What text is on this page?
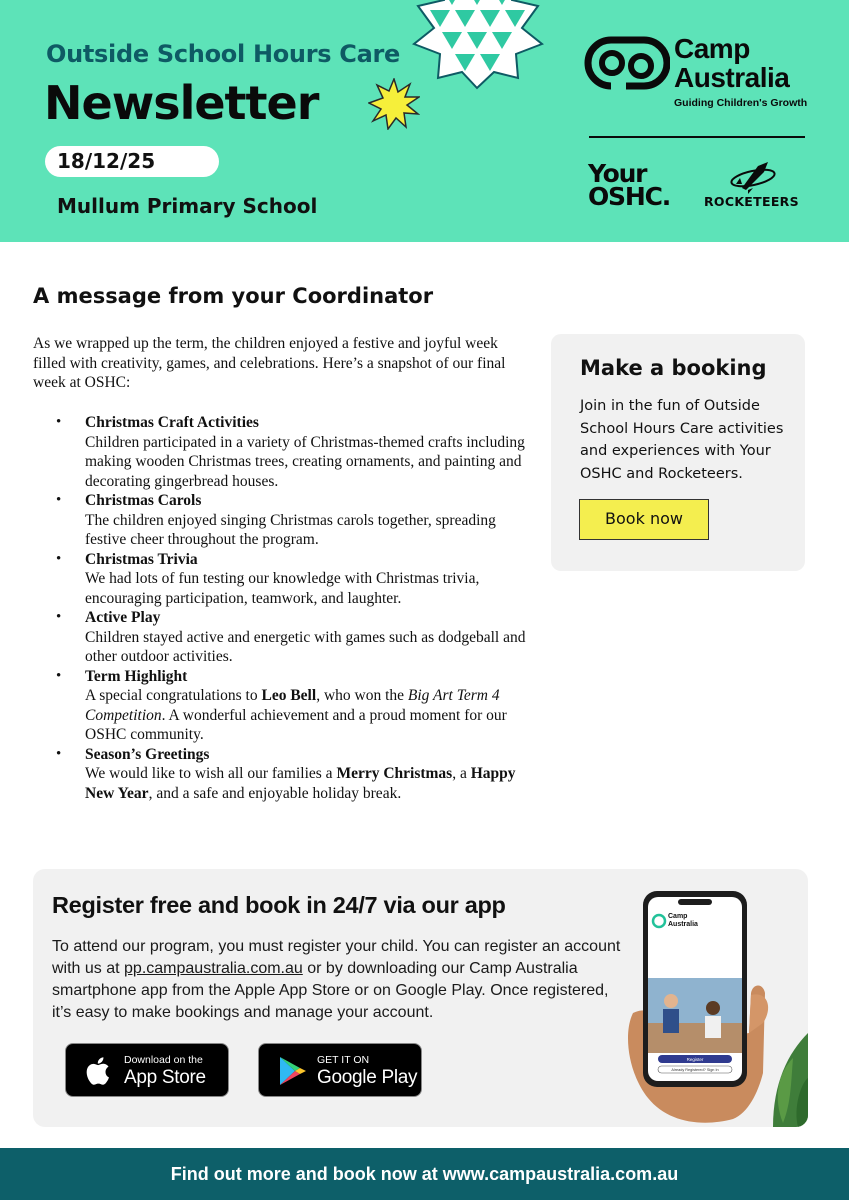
Outside School Hours Care
Newsletter
18/12/25
Mullum Primary School
Camp
Australia
Guiding Children's Growth
Your
OSHC.	ROCKETEERS
A message from your Coordinator
As we wrapped up the term, the children enjoyed a festive and joyful week filled with creativity, games, and celebrations. Here’s a snapshot of our final week at OSHC:
• Christmas Craft Activities
Children participated in a variety of Christmas-themed crafts including making wooden Christmas trees, creating ornaments, and painting and decorating gingerbread houses.
• Christmas Carols
The children enjoyed singing Christmas carols together, spreading festive cheer throughout the program.
• Christmas Trivia
We had lots of fun testing our knowledge with Christmas trivia, encouraging participation, teamwork, and laughter.
• Active Play
Children stayed active and energetic with games such as dodgeball and other outdoor activities.
• Term Highlight
A special congratulations to Leo Bell, who won the Big Art Term 4 Competition. A wonderful achievement and a proud moment for our OSHC community.
• Season’s Greetings
We would like to wish all our families a Merry Christmas, a Happy New Year, and a safe and enjoyable holiday break.
Make a booking

Join in the fun of Outside School Hours Care activities and experiences with Your OSHC and Rocketeers.

Book now
Register free and book in 24/7 via our app

To attend our program, you must register your child. You can register an account with us at pp.campaustralia.com.au or by downloading our Camp Australia smartphone app from the Apple App Store or on Google Play. Once registered, it’s easy to make bookings and manage your account.

Download on the
App Store
GET IT ON
Google Play
Camp
Australia
Register
Already Registered? Sign In
Find out more and book now at www.campaustralia.com.au
